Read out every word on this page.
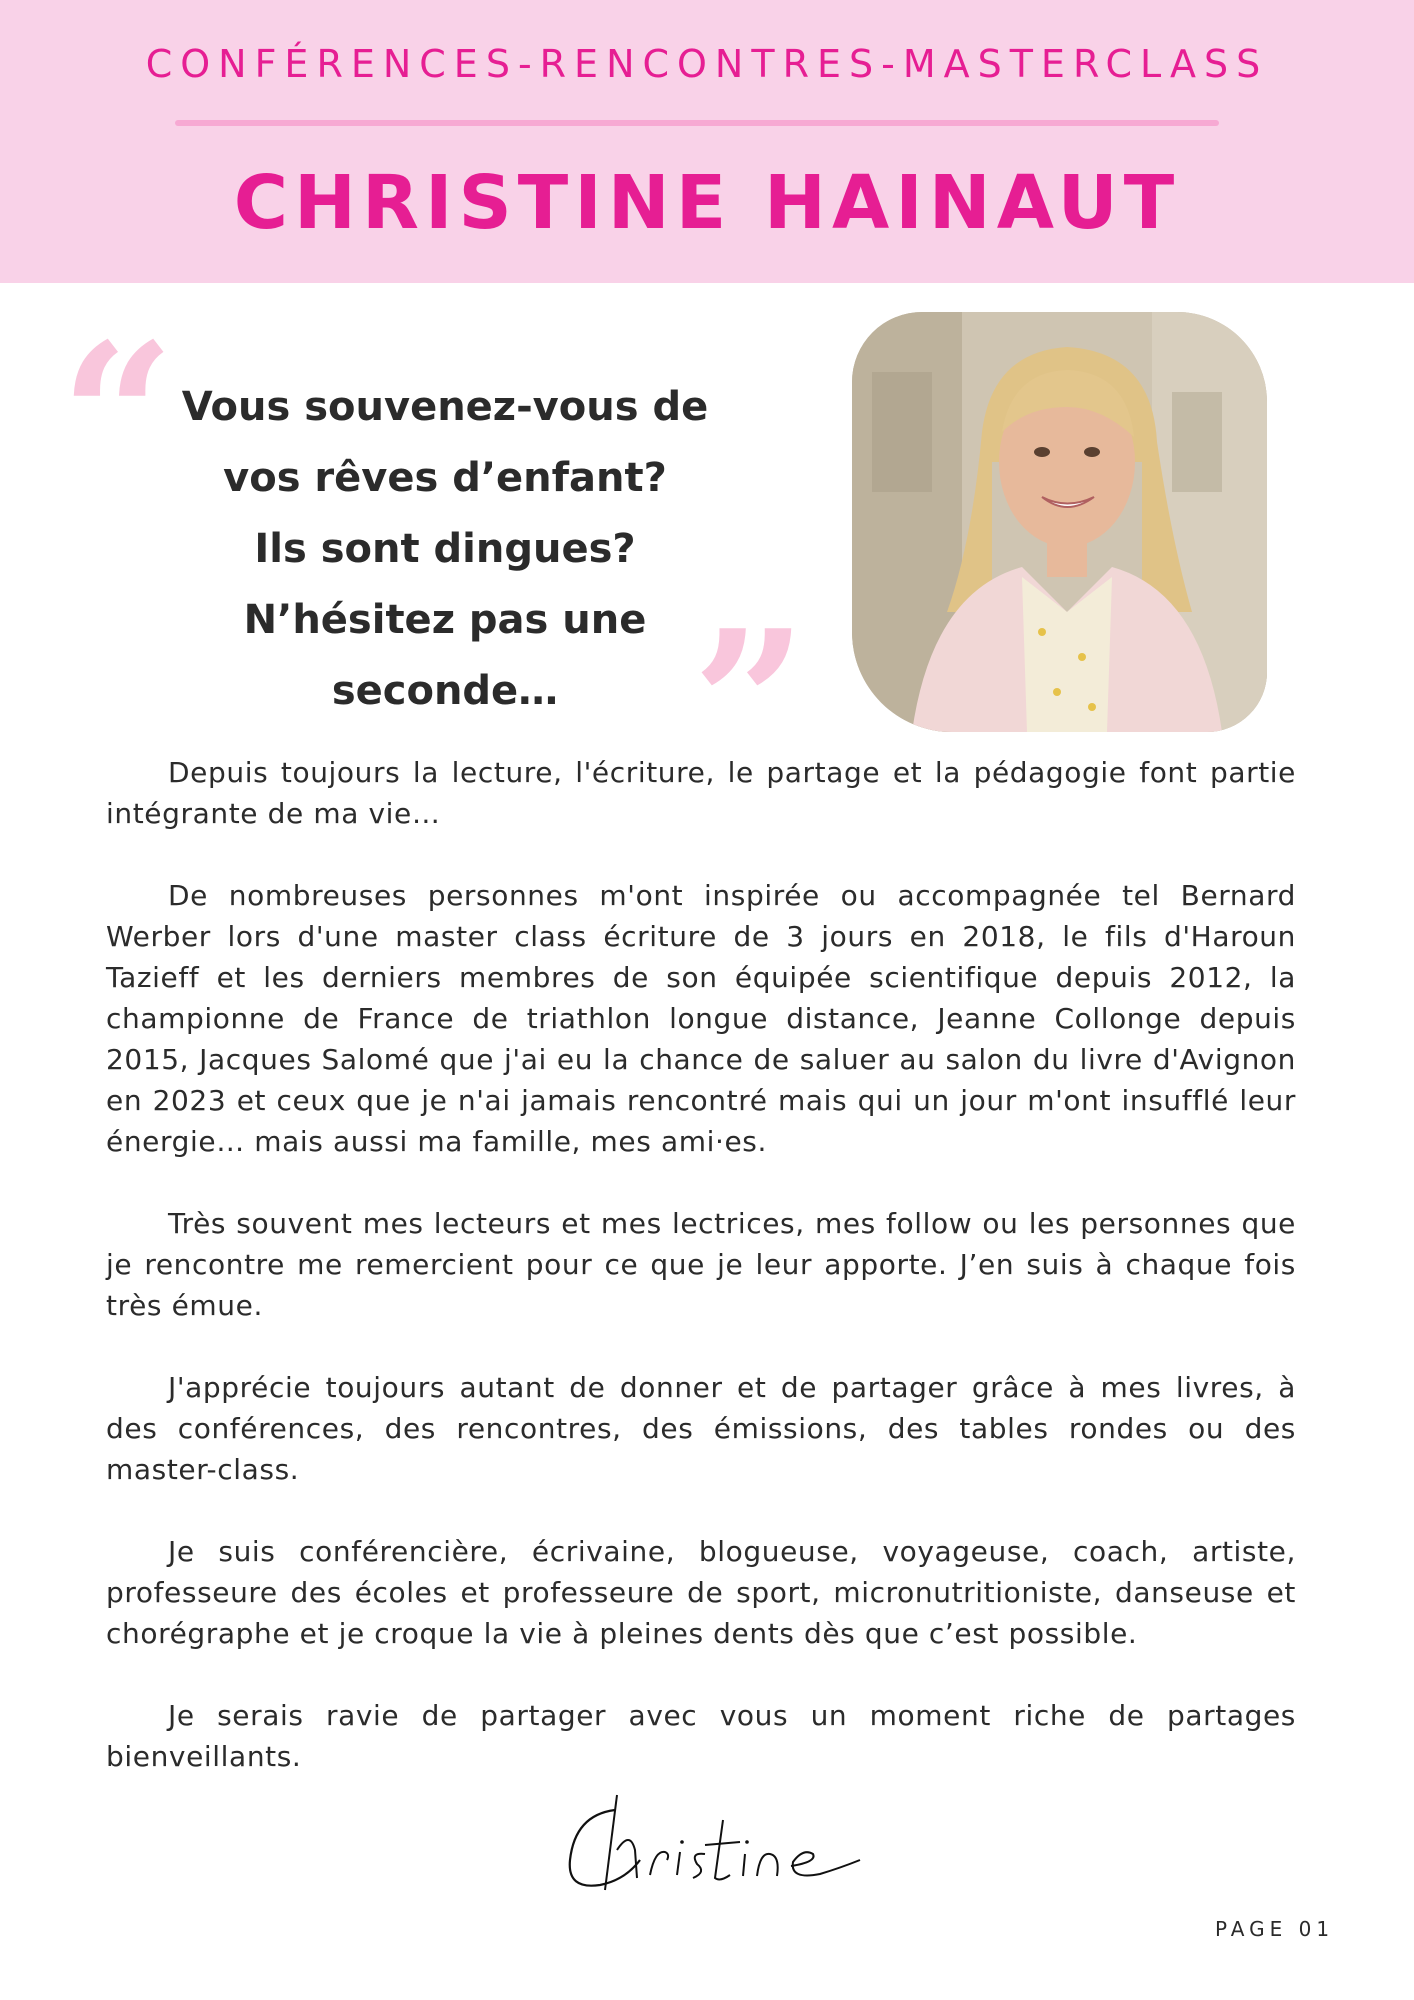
CONFÉRENCES-RENCONTRES-MASTERCLASS
CHRISTINE HAINAUT
“ Vous souvenez-vous de
vos rêves d’enfant?
Ils sont dingues?
N’hésitez pas une
seconde… ”

Depuis toujours la lecture, l'écriture, le partage et la pédagogie font partie intégrante de ma vie…

De nombreuses personnes m'ont inspirée ou accompagnée tel Bernard Werber lors d'une master class écriture de 3 jours en 2018, le fils d'Haroun Tazieff et les derniers membres de son équipée scientifique depuis 2012, la championne de France de triathlon longue distance, Jeanne Collonge depuis 2015, Jacques Salomé que j'ai eu la chance de saluer au salon du livre d'Avignon en 2023 et ceux que je n'ai jamais rencontré mais qui un jour m'ont insufflé leur énergie… mais aussi ma famille, mes ami·es.

Très souvent mes lecteurs et mes lectrices, mes follow ou les personnes que je rencontre me remercient pour ce que je leur apporte. J’en suis à chaque fois très émue.

J'apprécie toujours autant de donner et de partager grâce à mes livres, à des conférences, des rencontres, des émissions, des tables rondes ou des master-class.

Je suis conférencière, écrivaine, blogueuse, voyageuse, coach, artiste, professeure des écoles et professeure de sport, micronutritioniste, danseuse et chorégraphe et je croque la vie à pleines dents dès que c’est possible.

Je serais ravie de partager avec vous un moment riche de partages bienveillants.

PAGE 01
